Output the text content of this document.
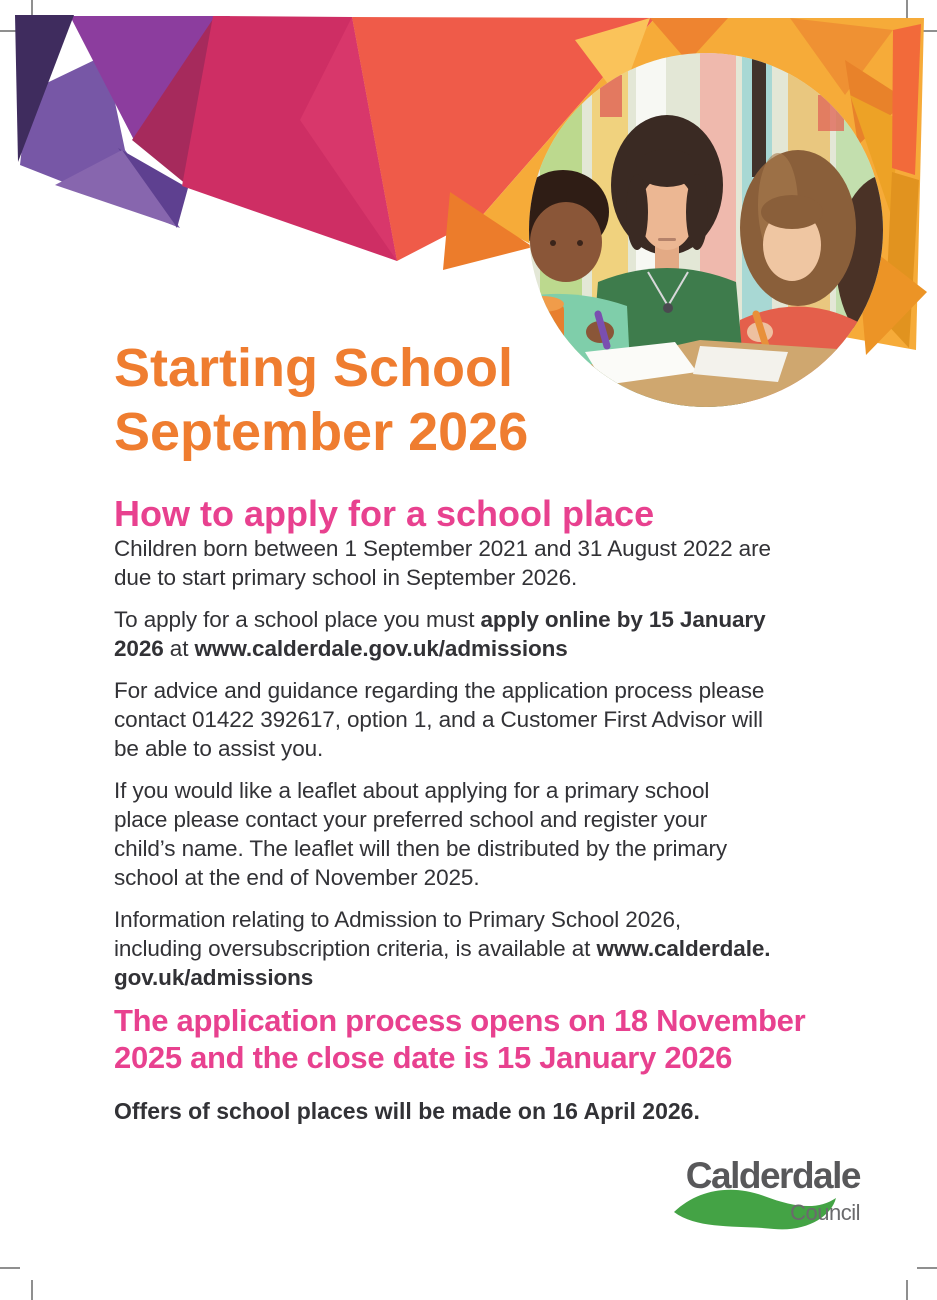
Starting School
September 2026
How to apply for a school place

Children born between 1 September 2021 and 31 August 2022 are
due to start primary school in September 2026.

To apply for a school place you must apply online by 15 January
2026 at www.calderdale.gov.uk/admissions

For advice and guidance regarding the application process please
contact 01422 392617, option 1, and a Customer First Advisor will
be able to assist you.

If you would like a leaflet about applying for a primary school
place please contact your preferred school and register your
child’s name. The leaflet will then be distributed by the primary
school at the end of November 2025.

Information relating to Admission to Primary School 2026,
including oversubscription criteria, is available at www.calderdale.
gov.uk/admissions

The application process opens on 18 November
2025 and the close date is 15 January 2026
Offers of school places will be made on 16 April 2026.
Calderdale
Council
